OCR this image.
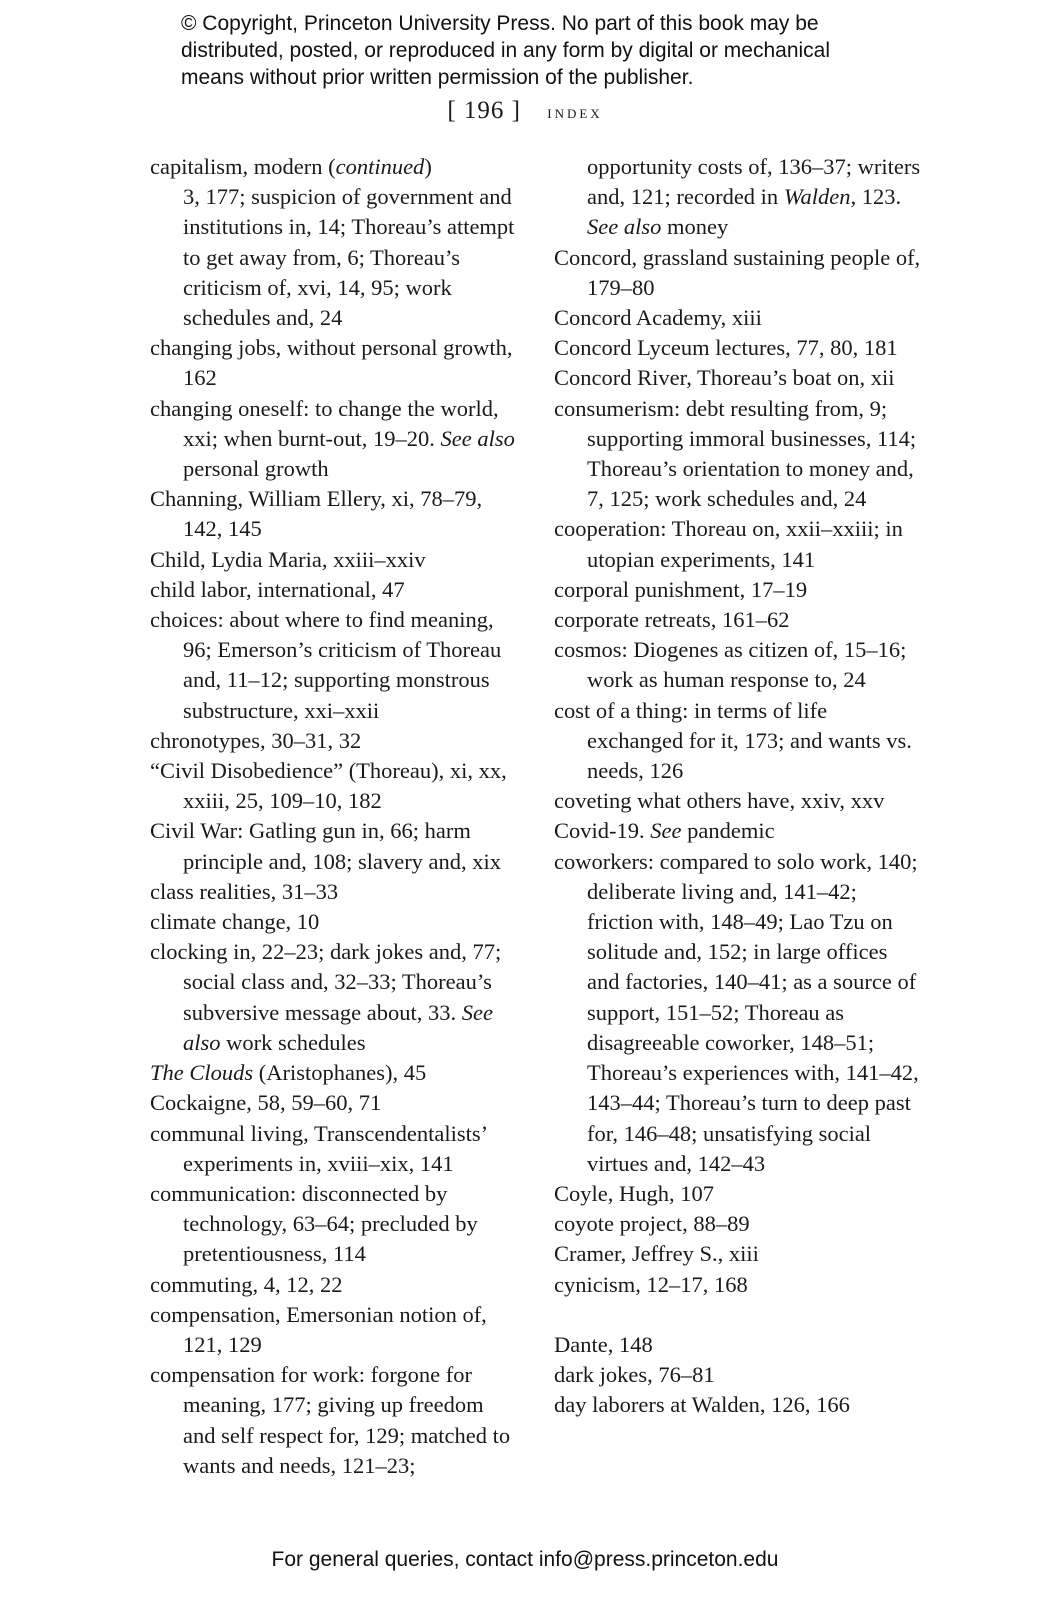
© Copyright, Princeton University Press. No part of this book may be
distributed, posted, or reproduced in any form by digital or mechanical
means without prior written permission of the publisher.
[ 196 ] index
capitalism, modern (continued)
3, 177; suspicion of government and institutions in, 14; Thoreau’s attempt to get away from, 6; Thoreau’s criticism of, xvi, 14, 95; work schedules and, 24
changing jobs, without personal growth, 162
changing oneself: to change the world, xxi; when burnt-out, 19–20. See also personal growth
Channing, William Ellery, xi, 78–79, 142, 145
Child, Lydia Maria, xxiii–xxiv
child labor, international, 47
choices: about where to find meaning, 96; Emerson’s criticism of Thoreau and, 11–12; supporting monstrous substructure, xxi–xxii
chronotypes, 30–31, 32
“Civil Disobedience” (Thoreau), xi, xx, xxiii, 25, 109–10, 182
Civil War: Gatling gun in, 66; harm principle and, 108; slavery and, xix
class realities, 31–33
climate change, 10
clocking in, 22–23; dark jokes and, 77; social class and, 32–33; Thoreau’s subversive message about, 33. See also work schedules
The Clouds (Aristophanes), 45
Cockaigne, 58, 59–60, 71
communal living, Transcendentalists’ experiments in, xviii–xix, 141
communication: disconnected by technology, 63–64; precluded by pretentiousness, 114
commuting, 4, 12, 22
compensation, Emersonian notion of, 121, 129
compensation for work: forgone for meaning, 177; giving up freedom and self respect for, 129; matched to wants and needs, 121–23;
opportunity costs of, 136–37; writers and, 121; recorded in Walden, 123. See also money
Concord, grassland sustaining people of, 179–80
Concord Academy, xiii
Concord Lyceum lectures, 77, 80, 181
Concord River, Thoreau’s boat on, xii
consumerism: debt resulting from, 9; supporting immoral businesses, 114; Thoreau’s orientation to money and, 7, 125; work schedules and, 24
cooperation: Thoreau on, xxii–xxiii; in utopian experiments, 141
corporal punishment, 17–19
corporate retreats, 161–62
cosmos: Diogenes as citizen of, 15–16; work as human response to, 24
cost of a thing: in terms of life exchanged for it, 173; and wants vs. needs, 126
coveting what others have, xxiv, xxv
Covid-19. See pandemic
coworkers: compared to solo work, 140; deliberate living and, 141–42; friction with, 148–49; Lao Tzu on solitude and, 152; in large offices and factories, 140–41; as a source of support, 151–52; Thoreau as disagreeable coworker, 148–51; Thoreau’s experiences with, 141–42, 143–44; Thoreau’s turn to deep past for, 146–48; unsatisfying social virtues and, 142–43
Coyle, Hugh, 107
coyote project, 88–89
Cramer, Jeffrey S., xiii
cynicism, 12–17, 168
Dante, 148
dark jokes, 76–81
day laborers at Walden, 126, 166
For general queries, contact info@press.princeton.edu
